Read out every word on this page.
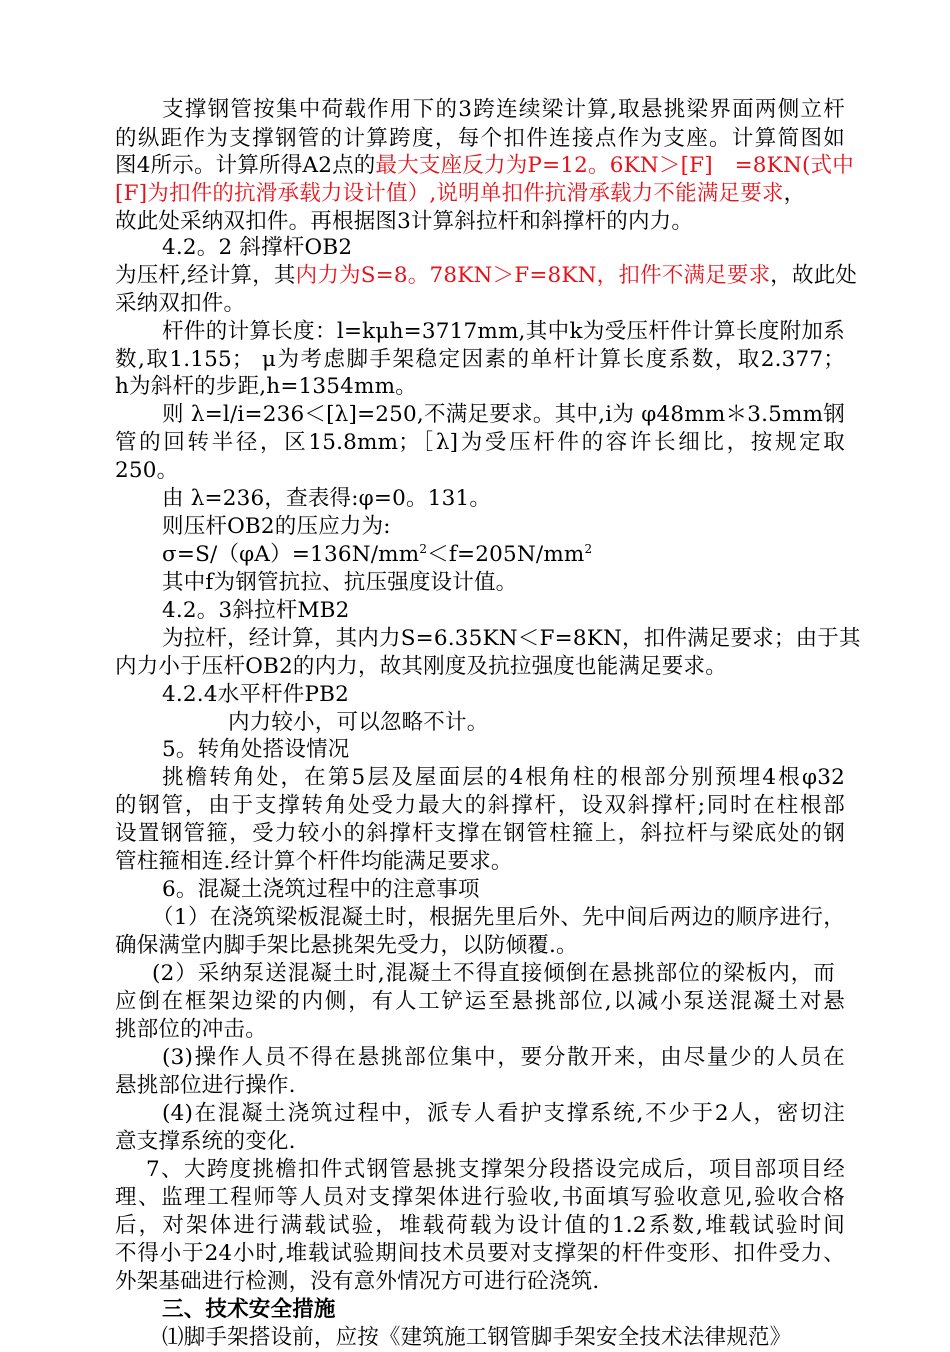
支撑钢管按集中荷载作用下的3跨连续梁计算,取悬挑梁界面两侧立杆
的纵距作为支撑钢管的计算跨度，每个扣件连接点作为支座。计算简图如
图4所示。计算所得A2点的最大支座反力为P=12。6KN＞[F]　=8KN(式中
[F]为扣件的抗滑承载力设计值）,说明单扣件抗滑承载力不能满足要求，
故此处采纳双扣件。再根据图3计算斜拉杆和斜撑杆的内力。
4.2。2 斜撑杆OB2
为压杆,经计算，其内力为S=8。78KN＞F=8KN，扣件不满足要求，故此处
采纳双扣件。
杆件的计算长度：l=kμh=3717mm,其中k为受压杆件计算长度附加系
数,取1.155； μ为考虑脚手架稳定因素的单杆计算长度系数，取2.377；
h为斜杆的步距,h=1354mm。
则 λ=l/i=236＜[λ]=250,不满足要求。其中,i为 φ48mm＊3.5mm钢
管的回转半径，区15.8mm；［λ]为受压杆件的容许长细比，按规定取
250。
由 λ=236，查表得:φ=0。131。
则压杆OB2的压应力为:
$\sigma=S/(\varphi A)=136N/mm^2<f=205N/mm^2$
其中f为钢管抗拉、抗压强度设计值。
4.2。3斜拉杆MB2
为拉杆，经计算，其内力S=6.35KN＜F=8KN，扣件满足要求；由于其
内力小于压杆OB2的内力，故其刚度及抗拉强度也能满足要求。
4.2.4水平杆件PB2
内力较小，可以忽略不计。
5。转角处搭设情况
挑檐转角处，在第5层及屋面层的4根角柱的根部分别预埋4根φ32
的钢管，由于支撑转角处受力最大的斜撑杆，设双斜撑杆;同时在柱根部
设置钢管箍，受力较小的斜撑杆支撑在钢管柱箍上，斜拉杆与梁底处的钢
管柱箍相连.经计算个杆件均能满足要求。
6。混凝土浇筑过程中的注意事项
（1）在浇筑梁板混凝土时，根据先里后外、先中间后两边的顺序进行，
确保满堂内脚手架比悬挑架先受力，以防倾覆.。
(2）采纳泵送混凝土时,混凝土不得直接倾倒在悬挑部位的梁板内，而
应倒在框架边梁的内侧，有人工铲运至悬挑部位,以减小泵送混凝土对悬
挑部位的冲击。
(3)操作人员不得在悬挑部位集中，要分散开来，由尽量少的人员在
悬挑部位进行操作.
(4)在混凝土浇筑过程中，派专人看护支撑系统,不少于2人，密切注
意支撑系统的变化.
7、大跨度挑檐扣件式钢管悬挑支撑架分段搭设完成后，项目部项目经
理、监理工程师等人员对支撑架体进行验收,书面填写验收意见,验收合格
后，对架体进行满载试验，堆载荷载为设计值的1.2系数,堆载试验时间
不得小于24小时,堆载试验期间技术员要对支撑架的杆件变形、扣件受力、
外架基础进行检测，没有意外情况方可进行砼浇筑.
三、技术安全措施
⑴脚手架搭设前，应按《建筑施工钢管脚手架安全技术法律规范》
